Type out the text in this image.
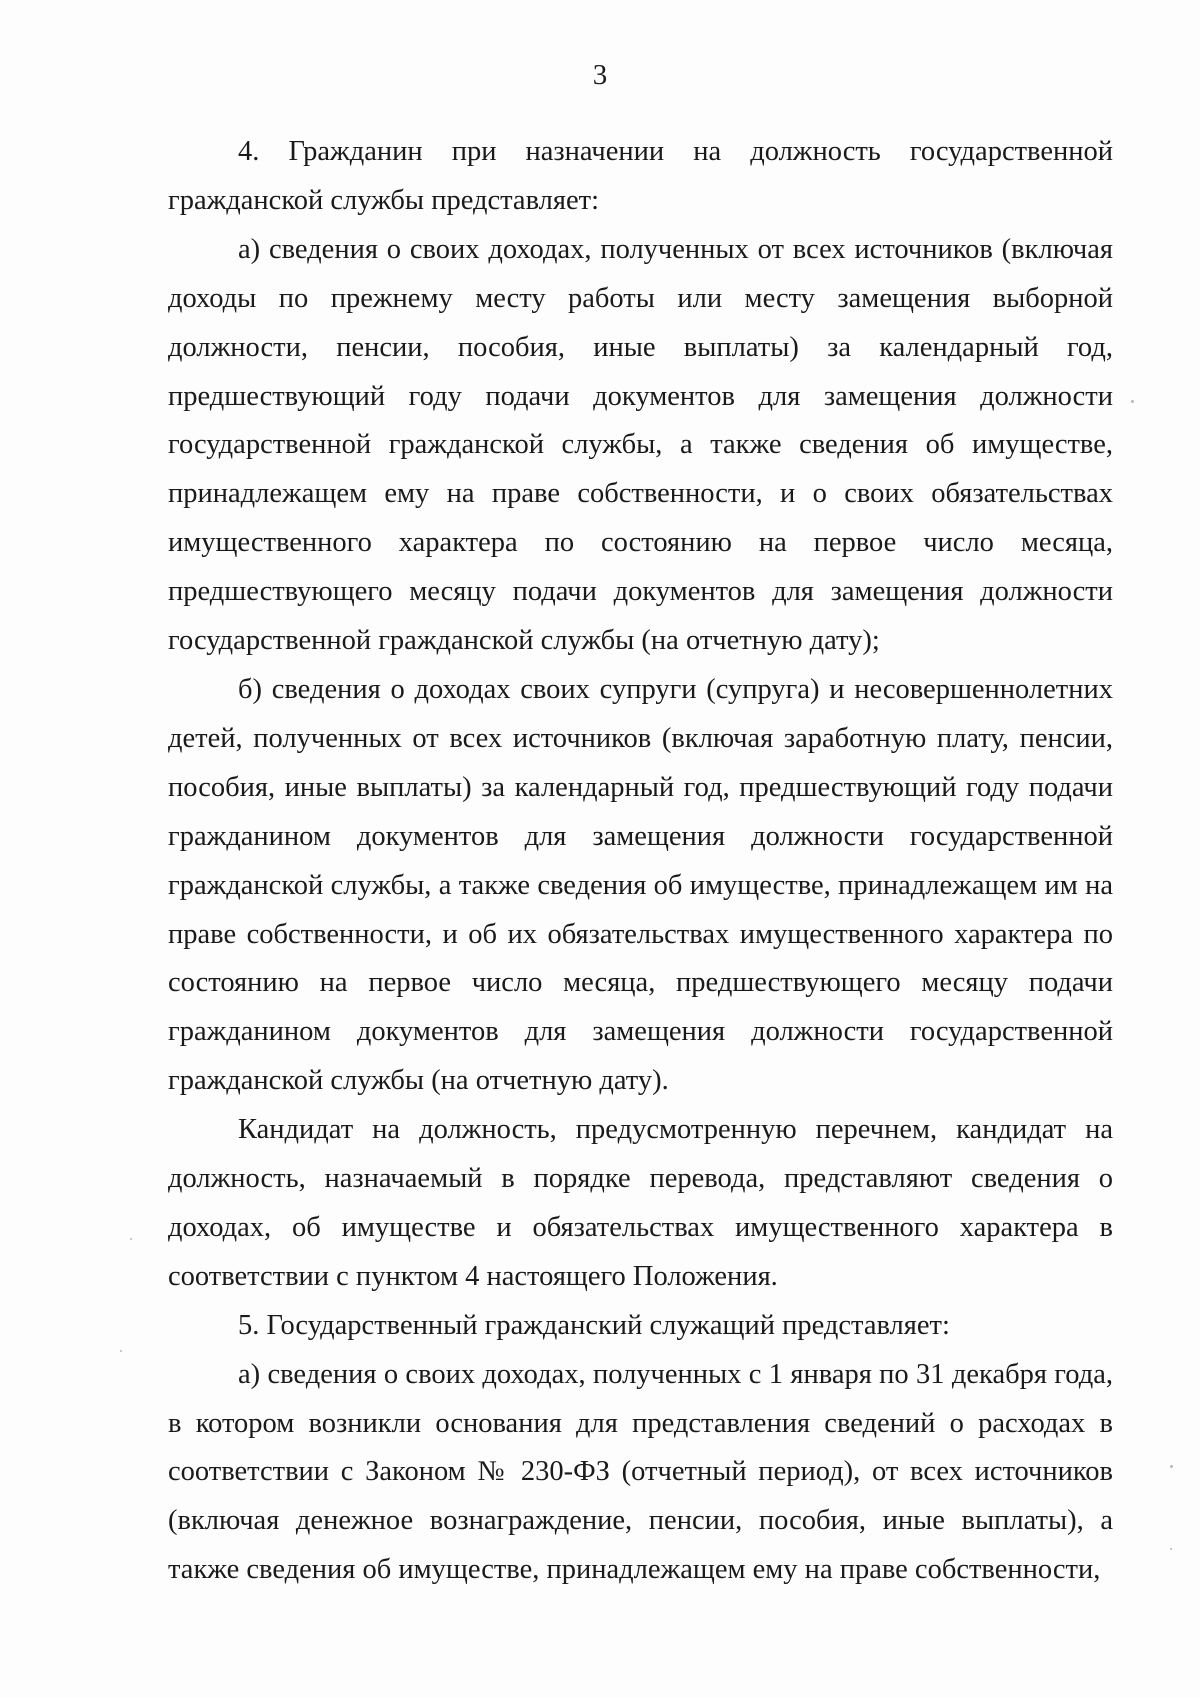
3

4. Гражданин при назначении на должность государственной гражданской службы представляет:

а) сведения о своих доходах, полученных от всех источников (включая доходы по прежнему месту работы или месту замещения выборной должности, пенсии, пособия, иные выплаты) за календарный год, предшествующий году подачи документов для замещения должности государственной гражданской службы, а также сведения об имуществе, принадлежащем ему на праве собственности, и о своих обязательствах имущественного характера по состоянию на первое число месяца, предшествующего месяцу подачи документов для замещения должности государственной гражданской службы (на отчетную дату);

б) сведения о доходах своих супруги (супруга) и несовершеннолетних детей, полученных от всех источников (включая заработную плату, пенсии, пособия, иные выплаты) за календарный год, предшествующий году подачи гражданином документов для замещения должности государственной гражданской службы, а также сведения об имуществе, принадлежащем им на праве собственности, и об их обязательствах имущественного характера по состоянию на первое число месяца, предшествующего месяцу подачи гражданином документов для замещения должности государственной гражданской службы (на отчетную дату).

Кандидат на должность, предусмотренную перечнем, кандидат на должность, назначаемый в порядке перевода, представляют сведения о доходах, об имуществе и обязательствах имущественного характера в соответствии с пунктом 4 настоящего Положения.

5. Государственный гражданский служащий представляет:

а) сведения о своих доходах, полученных с 1 января по 31 декабря года, в котором возникли основания для представления сведений о расходах в соответствии с Законом № 230-ФЗ (отчетный период), от всех источников (включая денежное вознаграждение, пенсии, пособия, иные выплаты), а также сведения об имуществе, принадлежащем ему на праве собственности,
